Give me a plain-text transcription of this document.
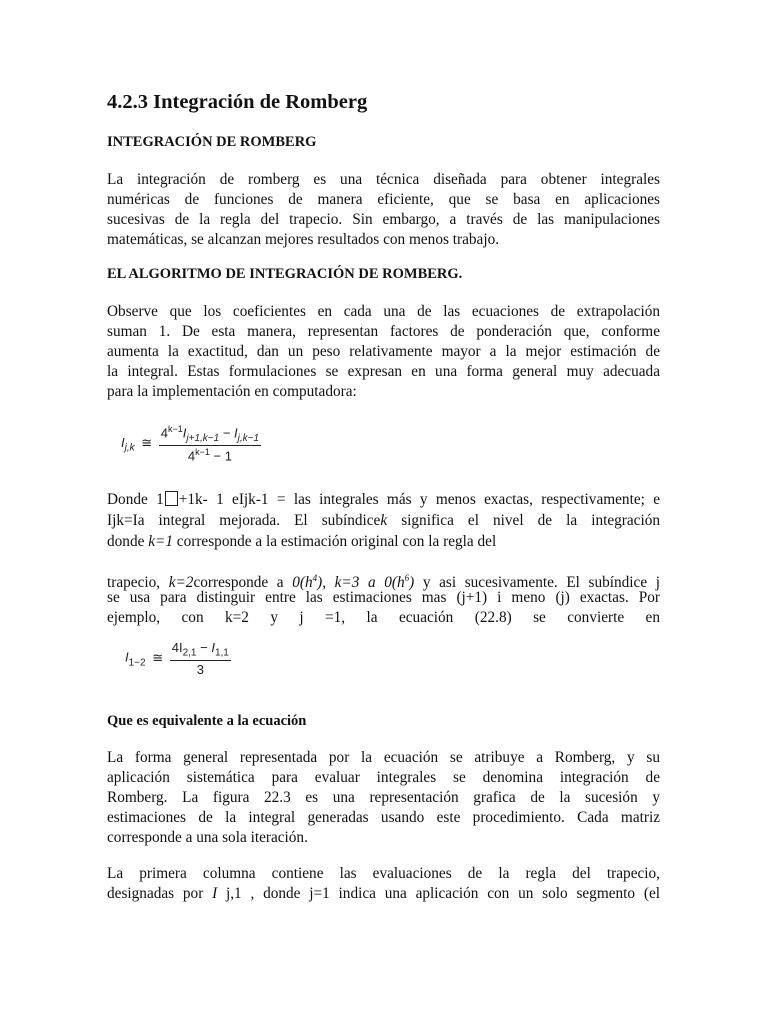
4.2.3 Integración de Romberg
INTEGRACIÓN DE ROMBERG
La integración de romberg es una técnica diseñada para obtener integrales
numéricas de funciones de manera eficiente, que se basa en aplicaciones
sucesivas de la regla del trapecio. Sin embargo, a través de las manipulaciones
matemáticas, se alcanzan mejores resultados con menos trabajo.
EL ALGORITMO DE INTEGRACIÓN DE ROMBERG.
Observe que los coeficientes en cada una de las ecuaciones de extrapolación
suman 1. De esta manera, representan factores de ponderación que, conforme
aumenta la exactitud, dan un peso relativamente mayor a la mejor estimación de
la integral. Estas formulaciones se expresan en una forma general muy adecuada
para la implementación en computadora:
$I_{j,k}$ ≅ $\frac{4^{k-1}I_{j+1,k-1} - I_{j,k-1}}{4^{k-1} - 1}$
Donde 1 +1k- 1 eIjk-1 = las integrales más y menos exactas, respectivamente; e
Ijk=Ia integral mejorada. El subíndicek significa el nivel de la integración
donde k=1 corresponde a la estimación original con la regla del
trapecio, k=2corresponde a $0(h^4)$, k=3 a $0(h^6)$ y asi sucesivamente. El subíndice j
se usa para distinguir entre las estimaciones mas (j+1) i meno (j) exactas. Por
ejemplo, con k=2 y j =1, la ecuación (22.8) se convierte en
$I_{1-2}$ ≅ $\frac{4I_{2,1} - I_{1,1}}{3}$
Que es equivalente a la ecuación
La forma general representada por la ecuación se atribuye a Romberg, y su
aplicación sistemática para evaluar integrales se denomina integración de
Romberg. La figura 22.3 es una representación grafica de la sucesión y
estimaciones de la integral generadas usando este procedimiento. Cada matriz
corresponde a una sola iteración.
La primera columna contiene las evaluaciones de la regla del trapecio,
designadas por I j,1 , donde j=1 indica una aplicación con un solo segmento (el
